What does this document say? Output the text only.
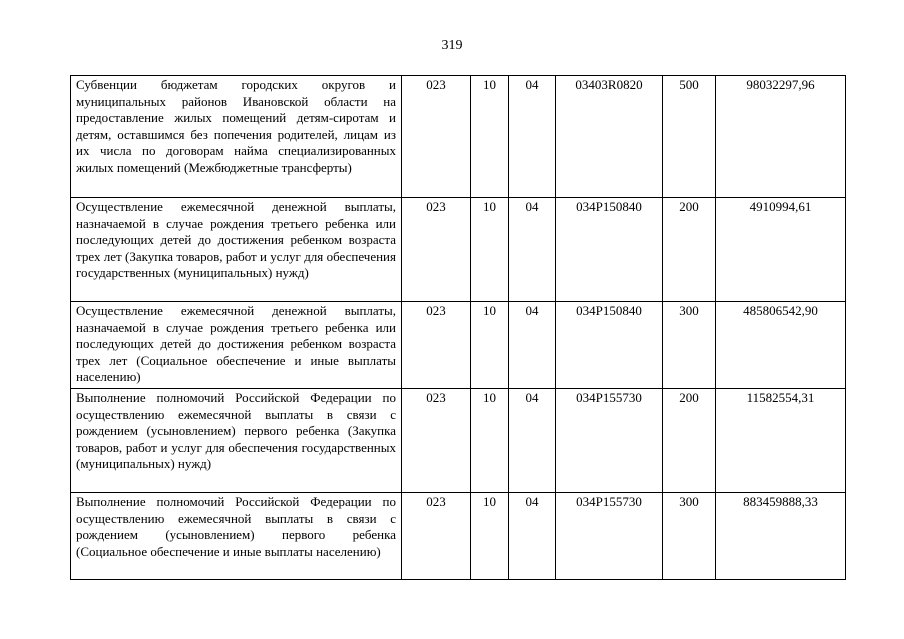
319
Субвенции бюджетам городских округов и муниципальных районов Ивановской области на предоставление жилых помещений детям-сиротам и детям, оставшимся без попечения родителей, лицам из их числа по договорам найма специализированных жилых помещений (Межбюджетные трансферты)	023	10	04	03403R0820	500	98032297,96
Осуществление ежемесячной денежной выплаты, назначаемой в случае рождения третьего ребенка или последующих детей до достижения ребенком возраста трех лет (Закупка товаров, работ и услуг для обеспечения государственных (муниципальных) нужд)	023	10	04	034P150840	200	4910994,61
Осуществление ежемесячной денежной выплаты, назначаемой в случае рождения третьего ребенка или последующих детей до достижения ребенком возраста трех лет (Социальное обеспечение и иные выплаты населению)	023	10	04	034P150840	300	485806542,90
Выполнение полномочий Российской Федерации по осуществлению ежемесячной выплаты в связи с рождением (усыновлением) первого ребенка (Закупка товаров, работ и услуг для обеспечения государственных (муниципальных) нужд)	023	10	04	034P155730	200	11582554,31
Выполнение полномочий Российской Федерации по осуществлению ежемесячной выплаты в связи с рождением (усыновлением) первого ребенка (Социальное обеспечение и иные выплаты населению)	023	10	04	034P155730	300	883459888,33
